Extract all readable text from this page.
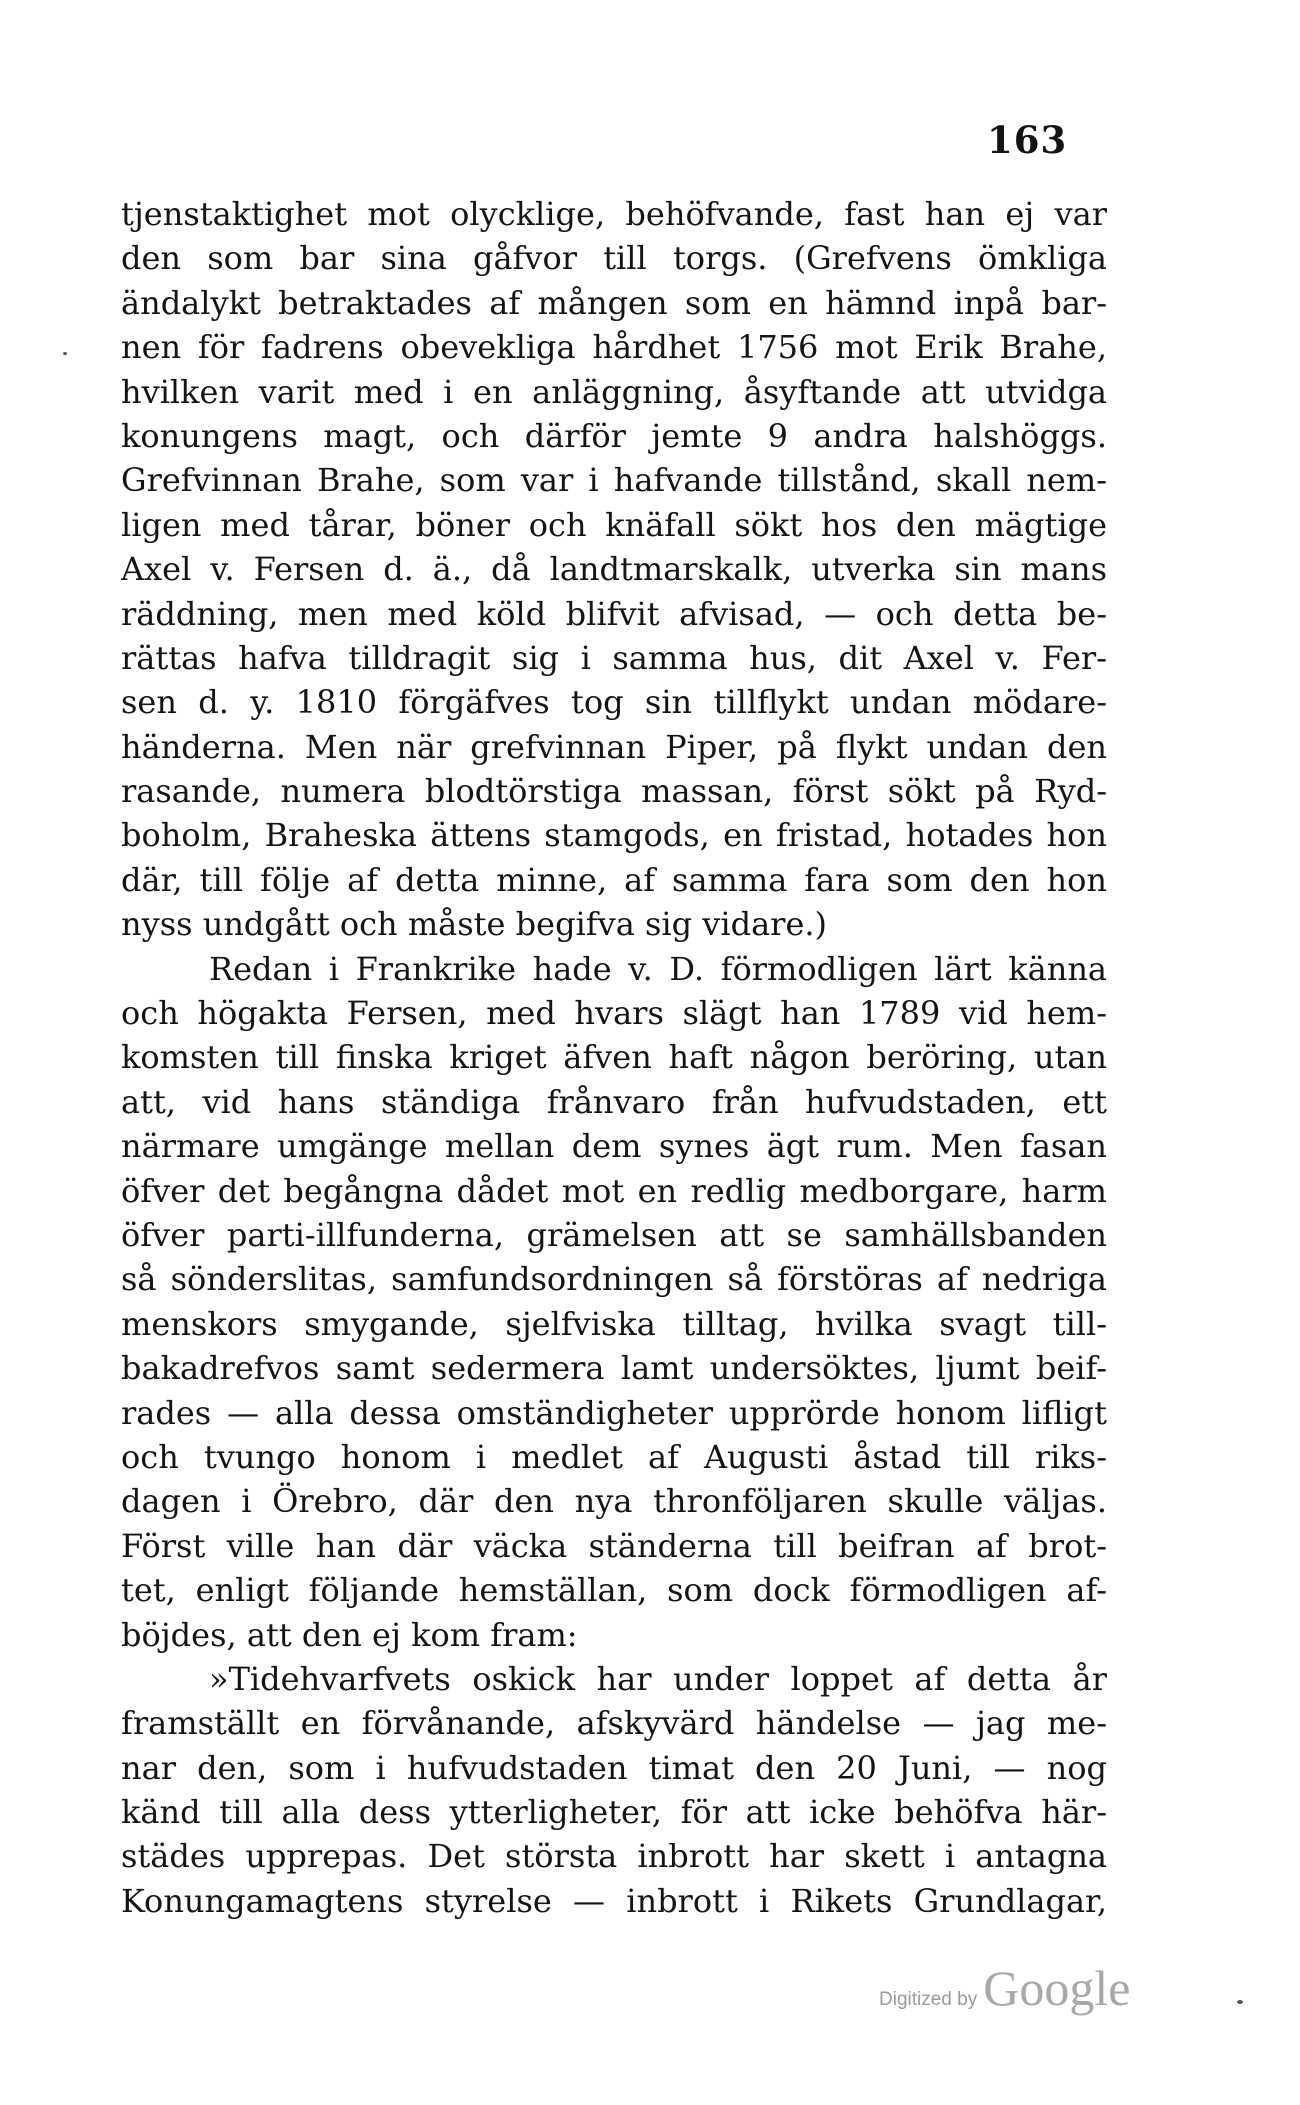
163
tjenstaktighet mot olycklige, behöfvande, fast han ej var
den som bar sina gåfvor till torgs. (Grefvens ömkliga
ändalykt betraktades af mången som en hämnd inpå bar-
nen för fadrens obevekliga hårdhet 1756 mot Erik Brahe,
hvilken varit med i en anläggning, åsyftande att utvidga
konungens magt, och därför jemte 9 andra halshöggs.
Grefvinnan Brahe, som var i hafvande tillstånd, skall nem-
ligen med tårar, böner och knäfall sökt hos den mägtige
Axel v. Fersen d. ä., då landtmarskalk, utverka sin mans
räddning, men med köld blifvit afvisad, — och detta be-
rättas hafva tilldragit sig i samma hus, dit Axel v. Fer-
sen d. y. 1810 förgäfves tog sin tillflykt undan mödare-
händerna. Men när grefvinnan Piper, på flykt undan den
rasande, numera blodtörstiga massan, först sökt på Ryd-
boholm, Braheska ättens stamgods, en fristad, hotades hon
där, till följe af detta minne, af samma fara som den hon
nyss undgått och måste begifva sig vidare.)
Redan i Frankrike hade v. D. förmodligen lärt känna
och högakta Fersen, med hvars slägt han 1789 vid hem-
komsten till finska kriget äfven haft någon beröring, utan
att, vid hans ständiga frånvaro från hufvudstaden, ett
närmare umgänge mellan dem synes ägt rum. Men fasan
öfver det begångna dådet mot en redlig medborgare, harm
öfver parti-illfunderna, grämelsen att se samhällsbanden
så sönderslitas, samfundsordningen så förstöras af nedriga
menskors smygande, sjelfviska tilltag, hvilka svagt till-
bakadrefvos samt sedermera lamt undersöktes, ljumt beif-
rades — alla dessa omständigheter upprörde honom lifligt
och tvungo honom i medlet af Augusti åstad till riks-
dagen i Örebro, där den nya thronföljaren skulle väljas.
Först ville han där väcka ständerna till beifran af brot-
tet, enligt följande hemställan, som dock förmodligen af-
böjdes, att den ej kom fram:
»Tidehvarfvets oskick har under loppet af detta år
framställt en förvånande, afskyvärd händelse — jag me-
nar den, som i hufvudstaden timat den 20 Juni, — nog
känd till alla dess ytterligheter, för att icke behöfva här-
städes upprepas. Det största inbrott har skett i antagna
Konungamagtens styrelse — inbrott i Rikets Grundlagar,
Digitized by Google
